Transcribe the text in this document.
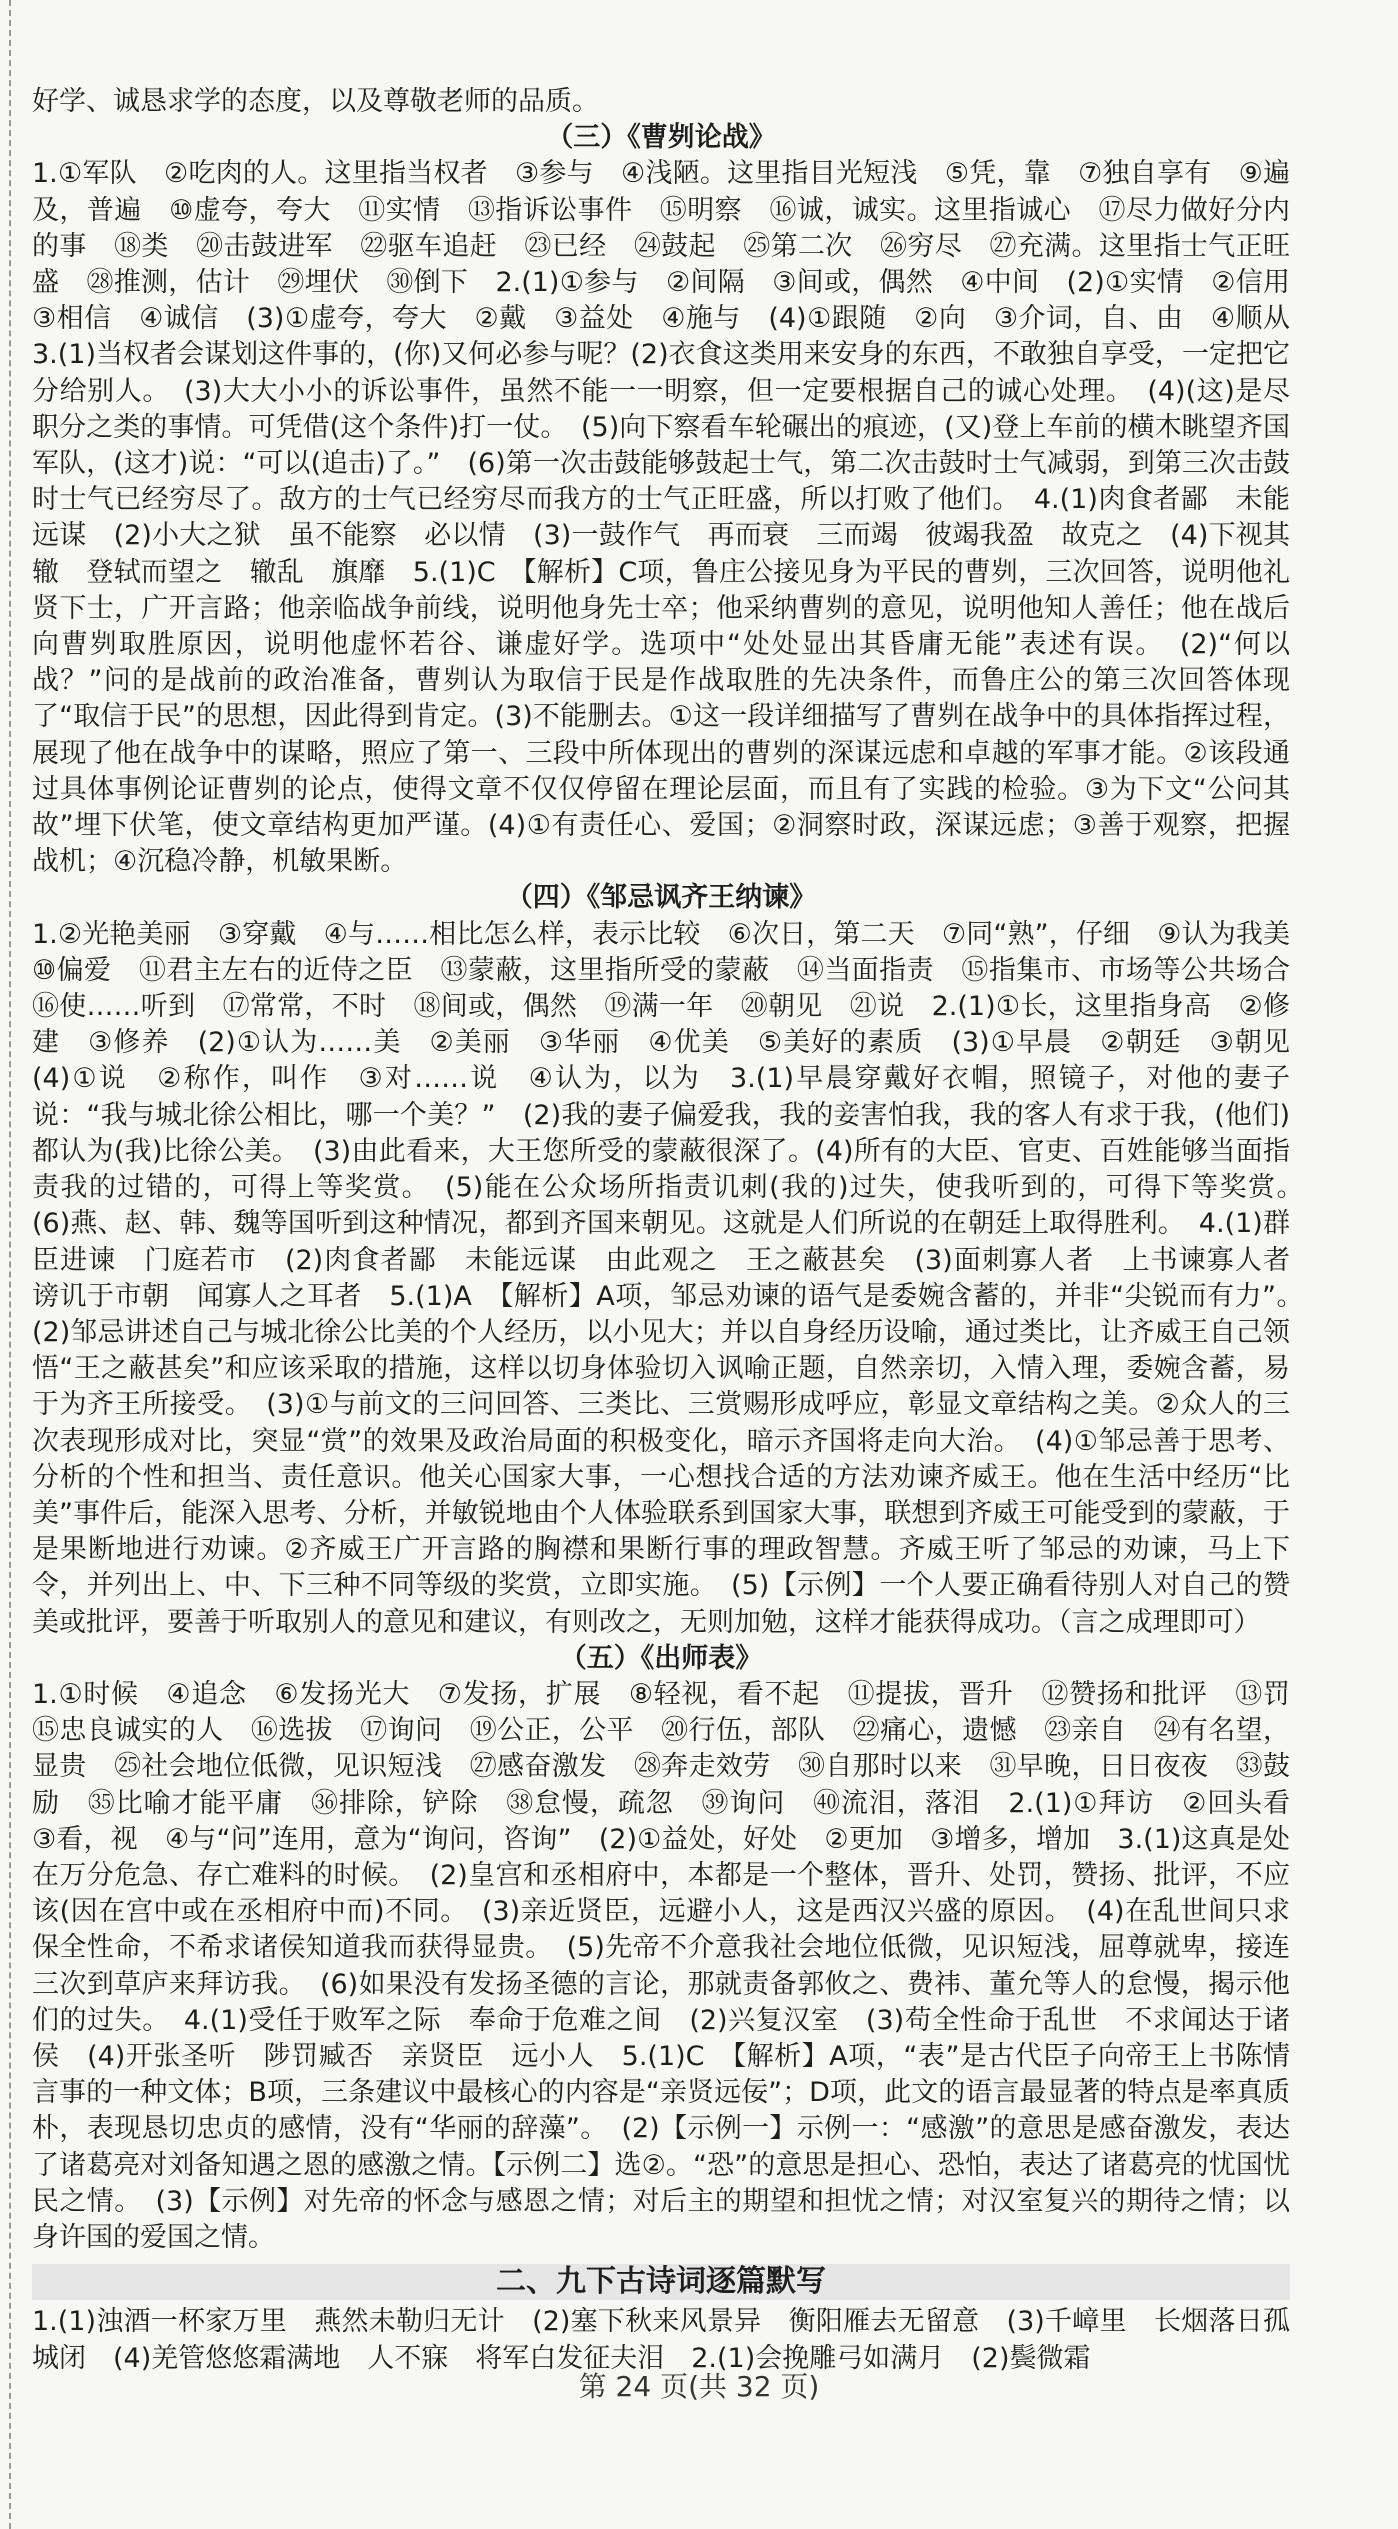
好学、诚恳求学的态度，以及尊敬老师的品质。

（三）《曹刿论战》

1.①军队　②吃肉的人。这里指当权者　③参与　④浅陋。这里指目光短浅　⑤凭，靠　⑦独自享有　⑨遍及，普遍　⑩虚夸，夸大　⑪实情　⑬指诉讼事件　⑮明察　⑯诚，诚实。这里指诚心　⑰尽力做好分内的事　⑱类　⑳击鼓进军　㉒驱车追赶　㉓已经　㉔鼓起　㉕第二次　㉖穷尽　㉗充满。这里指士气正旺盛　㉘推测，估计　㉙埋伏　㉚倒下　2.(1)①参与　②间隔　③间或，偶然　④中间　(2)①实情　②信用　③相信　④诚信　(3)①虚夸，夸大　②戴　③益处　④施与　(4)①跟随　②向　③介词，自、由　④顺从　3.(1)当权者会谋划这件事的，(你)又何必参与呢？(2)衣食这类用来安身的东西，不敢独自享受，一定把它分给别人。　(3)大大小小的诉讼事件，虽然不能一一明察，但一定要根据自己的诚心处理。　(4)(这)是尽职分之类的事情。可凭借(这个条件)打一仗。　(5)向下察看车轮碾出的痕迹，(又)登上车前的横木眺望齐国军队，(这才)说：“可以(追击)了。”　(6)第一次击鼓能够鼓起士气，第二次击鼓时士气减弱，到第三次击鼓时士气已经穷尽了。敌方的士气已经穷尽而我方的士气正旺盛，所以打败了他们。　4.(1)肉食者鄙　未能远谋　(2)小大之狱　虽不能察　必以情　(3)一鼓作气　再而衰　三而竭　彼竭我盈　故克之　(4)下视其辙　登轼而望之　辙乱　旗靡　5.(1)C　【解析】C项，鲁庄公接见身为平民的曹刿，三次回答，说明他礼贤下士，广开言路；他亲临战争前线，说明他身先士卒；他采纳曹刿的意见，说明他知人善任；他在战后向曹刿取胜原因，说明他虚怀若谷、谦虚好学。选项中“处处显出其昏庸无能”表述有误。　(2)“何以战？”问的是战前的政治准备，曹刿认为取信于民是作战取胜的先决条件，而鲁庄公的第三次回答体现了“取信于民”的思想，因此得到肯定。(3)不能删去。①这一段详细描写了曹刿在战争中的具体指挥过程，展现了他在战争中的谋略，照应了第一、三段中所体现出的曹刿的深谋远虑和卓越的军事才能。②该段通过具体事例论证曹刿的论点，使得文章不仅仅停留在理论层面，而且有了实践的检验。③为下文“公问其故”埋下伏笔，使文章结构更加严谨。(4)①有责任心、爱国；②洞察时政，深谋远虑；③善于观察，把握战机；④沉稳冷静，机敏果断。

（四）《邹忌讽齐王纳谏》

1.②光艳美丽　③穿戴　④与……相比怎么样，表示比较　⑥次日，第二天　⑦同“熟”，仔细　⑨认为我美　⑩偏爱　⑪君主左右的近侍之臣　⑬蒙蔽，这里指所受的蒙蔽　⑭当面指责　⑮指集市、市场等公共场合　⑯使……听到　⑰常常，不时　⑱间或，偶然　⑲满一年　⑳朝见　㉑说　2.(1)①长，这里指身高　②修建　③修养　(2)①认为……美　②美丽　③华丽　④优美　⑤美好的素质　(3)①早晨　②朝廷　③朝见　(4)①说　②称作，叫作　③对……说　④认为，以为　3.(1)早晨穿戴好衣帽，照镜子，对他的妻子说：“我与城北徐公相比，哪一个美？”　(2)我的妻子偏爱我，我的妾害怕我，我的客人有求于我，(他们)都认为(我)比徐公美。　(3)由此看来，大王您所受的蒙蔽很深了。(4)所有的大臣、官吏、百姓能够当面指责我的过错的，可得上等奖赏。　(5)能在公众场所指责讥刺(我的)过失，使我听到的，可得下等奖赏。　(6)燕、赵、韩、魏等国听到这种情况，都到齐国来朝见。这就是人们所说的在朝廷上取得胜利。　4.(1)群臣进谏　门庭若市　(2)肉食者鄙　未能远谋　由此观之　王之蔽甚矣　(3)面刺寡人者　上书谏寡人者　谤讥于市朝　闻寡人之耳者　5.(1)A　【解析】A项，邹忌劝谏的语气是委婉含蓄的，并非“尖锐而有力”。　(2)邹忌讲述自己与城北徐公比美的个人经历，以小见大；并以自身经历设喻，通过类比，让齐威王自己领悟“王之蔽甚矣”和应该采取的措施，这样以切身体验切入讽喻正题，自然亲切，入情入理，委婉含蓄，易于为齐王所接受。　(3)①与前文的三问回答、三类比、三赏赐形成呼应，彰显文章结构之美。②众人的三次表现形成对比，突显“赏”的效果及政治局面的积极变化，暗示齐国将走向大治。　(4)①邹忌善于思考、分析的个性和担当、责任意识。他关心国家大事，一心想找合适的方法劝谏齐威王。他在生活中经历“比美”事件后，能深入思考、分析，并敏锐地由个人体验联系到国家大事，联想到齐威王可能受到的蒙蔽，于是果断地进行劝谏。②齐威王广开言路的胸襟和果断行事的理政智慧。齐威王听了邹忌的劝谏，马上下令，并列出上、中、下三种不同等级的奖赏，立即实施。　(5)【示例】一个人要正确看待别人对自己的赞美或批评，要善于听取别人的意见和建议，有则改之，无则加勉，这样才能获得成功。（言之成理即可）

（五）《出师表》

1.①时候　④追念　⑥发扬光大　⑦发扬，扩展　⑧轻视，看不起　⑪提拔，晋升　⑫赞扬和批评　⑬罚　⑮忠良诚实的人　⑯选拔　⑰询问　⑲公正，公平　⑳行伍，部队　㉒痛心，遗憾　㉓亲自　㉔有名望，显贵　㉕社会地位低微，见识短浅　㉗感奋激发　㉘奔走效劳　㉚自那时以来　㉛早晚，日日夜夜　㉝鼓励　㉟比喻才能平庸　㊱排除，铲除　㊳怠慢，疏忽　㊴询问　㊵流泪，落泪　2.(1)①拜访　②回头看　③看，视　④与“问”连用，意为“询问，咨询”　(2)①益处，好处　②更加　③增多，增加　3.(1)这真是处在万分危急、存亡难料的时候。　(2)皇宫和丞相府中，本都是一个整体，晋升、处罚，赞扬、批评，不应该(因在宫中或在丞相府中而)不同。　(3)亲近贤臣，远避小人，这是西汉兴盛的原因。　(4)在乱世间只求保全性命，不希求诸侯知道我而获得显贵。　(5)先帝不介意我社会地位低微，见识短浅，屈尊就卑，接连三次到草庐来拜访我。　(6)如果没有发扬圣德的言论，那就责备郭攸之、费祎、董允等人的怠慢，揭示他们的过失。　4.(1)受任于败军之际　奉命于危难之间　(2)兴复汉室　(3)苟全性命于乱世　不求闻达于诸侯　(4)开张圣听　陟罚臧否　亲贤臣　远小人　5.(1)C　【解析】A项，“表”是古代臣子向帝王上书陈情言事的一种文体；B项，三条建议中最核心的内容是“亲贤远佞”；D项，此文的语言最显著的特点是率真质朴，表现恳切忠贞的感情，没有“华丽的辞藻”。　(2)【示例一】示例一：“感激”的意思是感奋激发，表达了诸葛亮对刘备知遇之恩的感激之情。【示例二】选②。“恐”的意思是担心、恐怕，表达了诸葛亮的忧国忧民之情。　(3)【示例】对先帝的怀念与感恩之情；对后主的期望和担忧之情；对汉室复兴的期待之情；以身许国的爱国之情。

二、九下古诗词逐篇默写

1.(1)浊酒一杯家万里　燕然未勒归无计　(2)塞下秋来风景异　衡阳雁去无留意　(3)千嶂里　长烟落日孤城闭　(4)羌管悠悠霜满地　人不寐　将军白发征夫泪　2.(1)会挽雕弓如满月　(2)鬓微霜

第 24 页(共 32 页)
